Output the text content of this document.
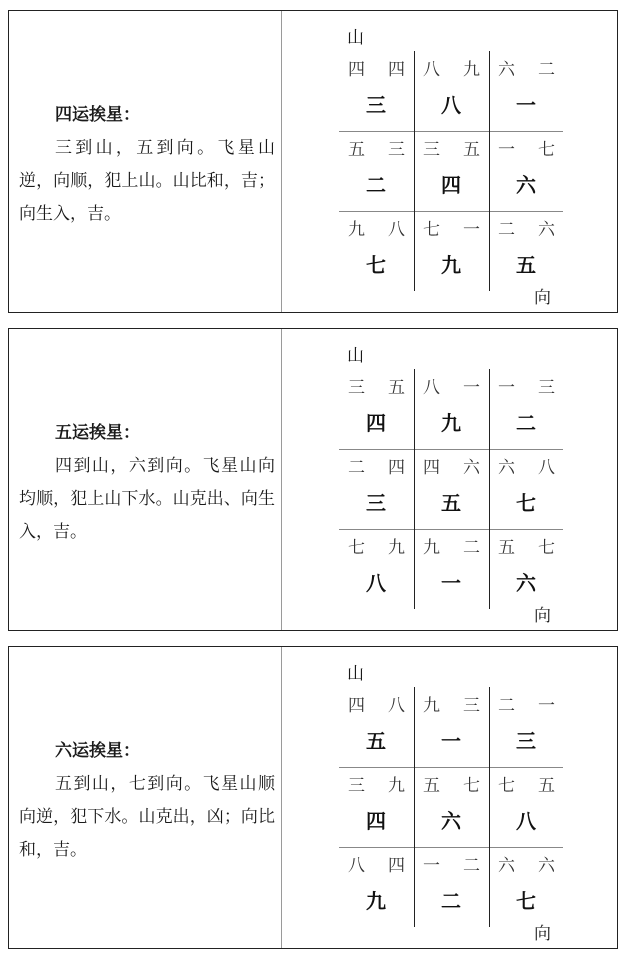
四运挨星：
三到山，五到向。飞星山逆，向顺，犯上山。山比和，吉；向生入，吉。
山
向
四 四
三
八 九
八
六 二
一
五 三
二
三 五
四
一 七
六
九 八
七
七 一
九
二 六
五
五运挨星：
四到山，六到向。飞星山向均顺，犯上山下水。山克出、向生入，吉。
山
向
三 五
四
八 一
九
一 三
二
二 四
三
四 六
五
六 八
七
七 九
八
九 二
一
五 七
六
六运挨星：
五到山，七到向。飞星山顺向逆，犯下水。山克出，凶；向比和，吉。
山
向
四 八
五
九 三
一
二 一
三
三 九
四
五 七
六
七 五
八
八 四
九
一 二
二
六 六
七
